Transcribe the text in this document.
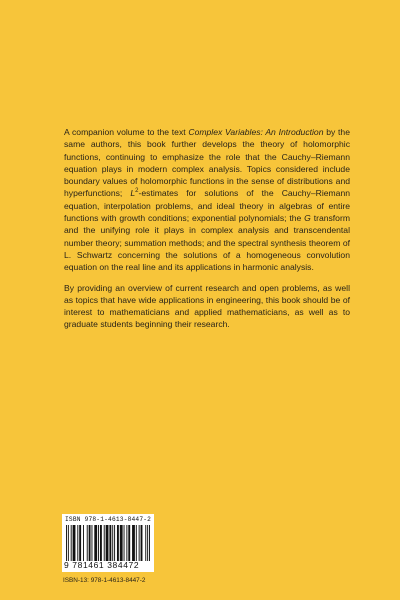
A companion volume to the text Complex Variables: An Introduction by the same authors, this book further develops the theory of holomorphic functions, continuing to emphasize the role that the Cauchy–Riemann equation plays in modern complex analysis. Topics considered include boundary values of holomorphic functions in the sense of distributions and hyperfunctions; $L^2$-estimates for solutions of the Cauchy–Riemann equation, interpolation problems, and ideal theory in algebras of entire functions with growth conditions; exponential polynomials; the G transform and the unifying role it plays in complex analysis and transcendental number theory; summation methods; and the spectral synthesis theorem of L. Schwartz concerning the solutions of a homogeneous convolution equation on the real line and its applications in harmonic analysis.

By providing an overview of current research and open problems, as well as topics that have wide applications in engineering, this book should be of interest to mathematicians and applied mathematicians, as well as to graduate students beginning their research.

ISBN 978-1-4613-8447-2
9 781461 384472
ISBN-13: 978-1-4613-8447-2
